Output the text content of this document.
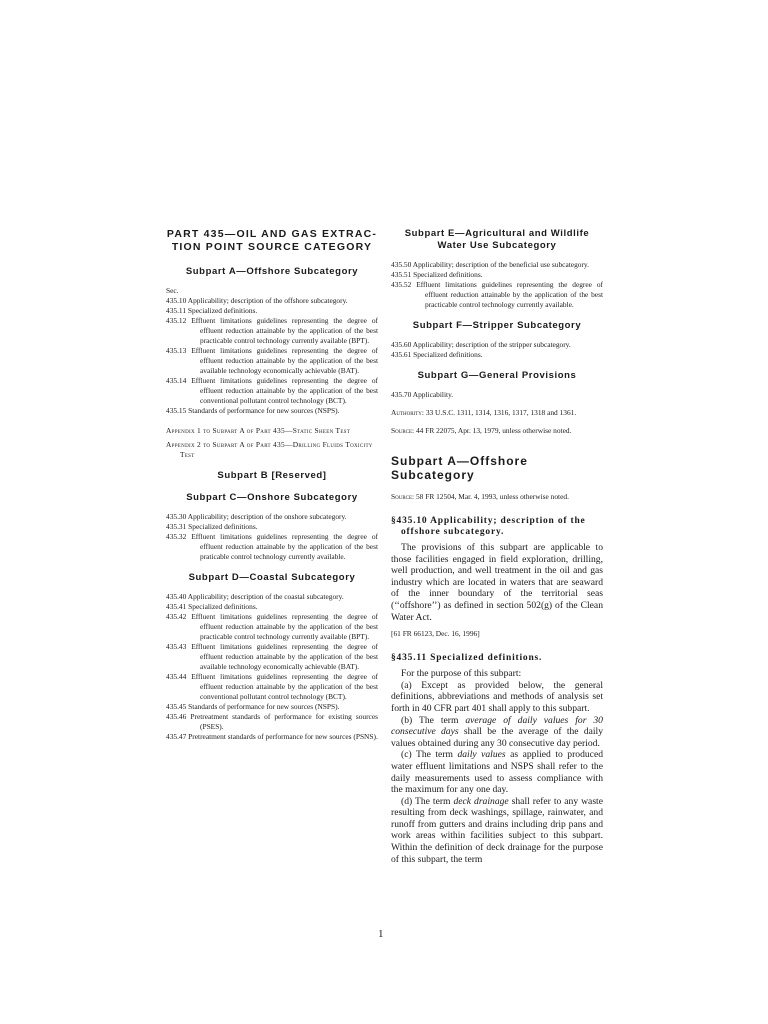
PART 435—OIL AND GAS EXTRAC-TION POINT SOURCE CATEGORY
Subpart A—Offshore Subcategory
Sec.
435.10 Applicability; description of the offshore subcategory.
435.11 Specialized definitions.
435.12 Effluent limitations guidelines representing the degree of effluent reduction attainable by the application of the best practicable control technology currently available (BPT).
435.13 Effluent limitations guidelines representing the degree of effluent reduction attainable by the application of the best available technology economically achievable (BAT).
435.14 Effluent limitations guidelines representing the degree of effluent reduction attainable by the application of the best conventional pollutant control technology (BCT).
435.15 Standards of performance for new sources (NSPS).
Appendix 1 to Subpart A of Part 435—Static Sheen Test
Appendix 2 to Subpart A of Part 435—Drilling Fluids Toxicity Test
Subpart B [Reserved]
Subpart C—Onshore Subcategory
435.30 Applicability; description of the onshore subcategory.
435.31 Specialized definitions.
435.32 Effluent limitations guidelines representing the degree of effluent reduction attainable by the application of the best praticable control technology currently available.
Subpart D—Coastal Subcategory
435.40 Applicability; description of the coastal subcategory.
435.41 Specialized definitions.
435.42 Effluent limitations guidelines representing the degree of effluent reduction attainable by the application of the best practicable control technology currently available (BPT).
435.43 Effluent limitations guidelines representing the degree of effluent reduction attainable by the application of the best available technology economically achievable (BAT).
435.44 Effluent limitations guidelines representing the degree of effluent reduction attainable by the application of the best conventional pollutant control technology (BCT).
435.45 Standards of performance for new sources (NSPS).
435.46 Pretreatment standards of performance for existing sources (PSES).
435.47 Pretreatment standards of performance for new sources (PSNS).
Subpart E—Agricultural and Wildlife Water Use Subcategory
435.50 Applicability; description of the beneficial use subcategory.
435.51 Specialized definitions.
435.52 Effluent limitations guidelines representing the degree of effluent reduction attainable by the application of the best practicable control technology currently available.
Subpart F—Stripper Subcategory
435.60 Applicability; description of the stripper subcategory.
435.61 Specialized definitions.
Subpart G—General Provisions
435.70 Applicability.
Authority: 33 U.S.C. 1311, 1314, 1316, 1317, 1318 and 1361.
Source: 44 FR 22075, Apr. 13, 1979, unless otherwise noted.
Subpart A—Offshore Subcategory
Source: 58 FR 12504, Mar. 4, 1993, unless otherwise noted.
§435.10 Applicability; description of the offshore subcategory.

The provisions of this subpart are applicable to those facilities engaged in field exploration, drilling, well production, and well treatment in the oil and gas industry which are located in waters that are seaward of the inner boundary of the territorial seas (‘‘offshore’’) as defined in section 502(g) of the Clean Water Act.

[61 FR 66123, Dec. 16, 1996]
§435.11 Specialized definitions.

For the purpose of this subpart:

(a) Except as provided below, the general definitions, abbreviations and methods of analysis set forth in 40 CFR part 401 shall apply to this subpart.

(b) The term average of daily values for 30 consecutive days shall be the average of the daily values obtained during any 30 consecutive day period.

(c) The term daily values as applied to produced water effluent limitations and NSPS shall refer to the daily measurements used to assess compliance with the maximum for any one day.

(d) The term deck drainage shall refer to any waste resulting from deck washings, spillage, rainwater, and runoff from gutters and drains including drip pans and work areas within facilities subject to this subpart. Within the definition of deck drainage for the purpose of this subpart, the term

1
